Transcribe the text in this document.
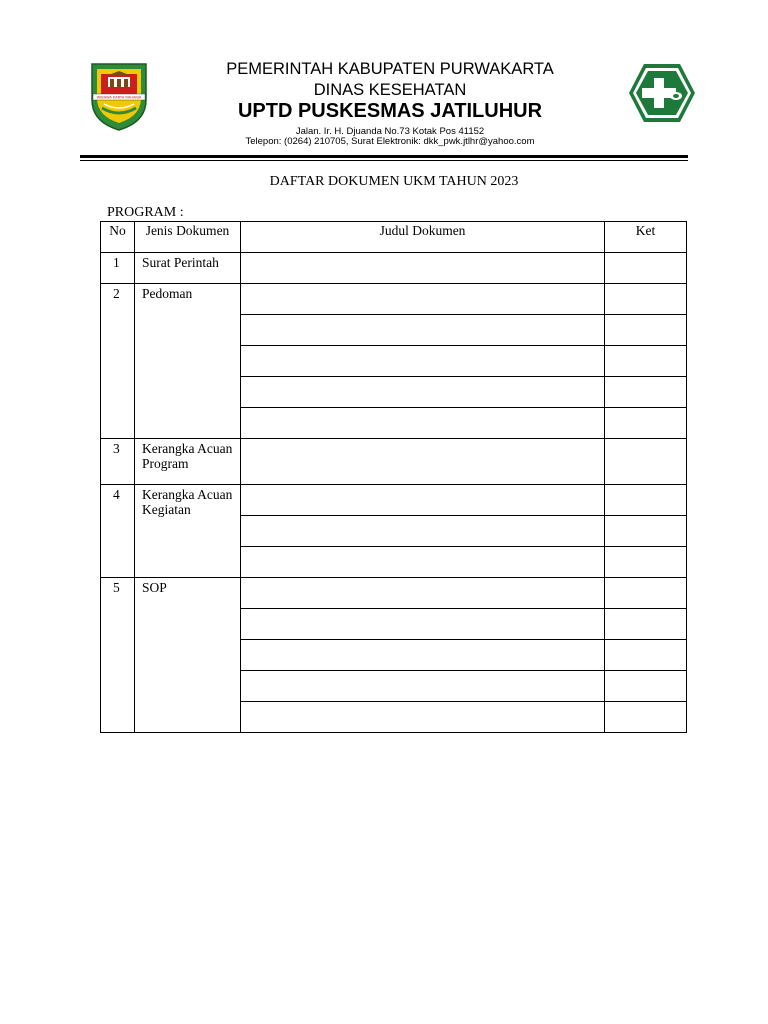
WIBAWA KARTA RAHARJA
PEMERINTAH KABUPATEN PURWAKARTA
DINAS KESEHATAN
UPTD PUSKESMAS JATILUHUR
Jalan. Ir. H. Djuanda No.73 Kotak Pos 41152
Telepon: (0264) 210705, Surat Elektronik: dkk_pwk.jtlhr@yahoo.com
DAFTAR DOKUMEN UKM TAHUN 2023
PROGRAM :
No	Jenis Dokumen	Judul Dokumen	Ket
1	Surat Perintah		
2	Pedoman		

3	Kerangka Acuan Program		
4	Kerangka Acuan Kegiatan		

5	SOP		
